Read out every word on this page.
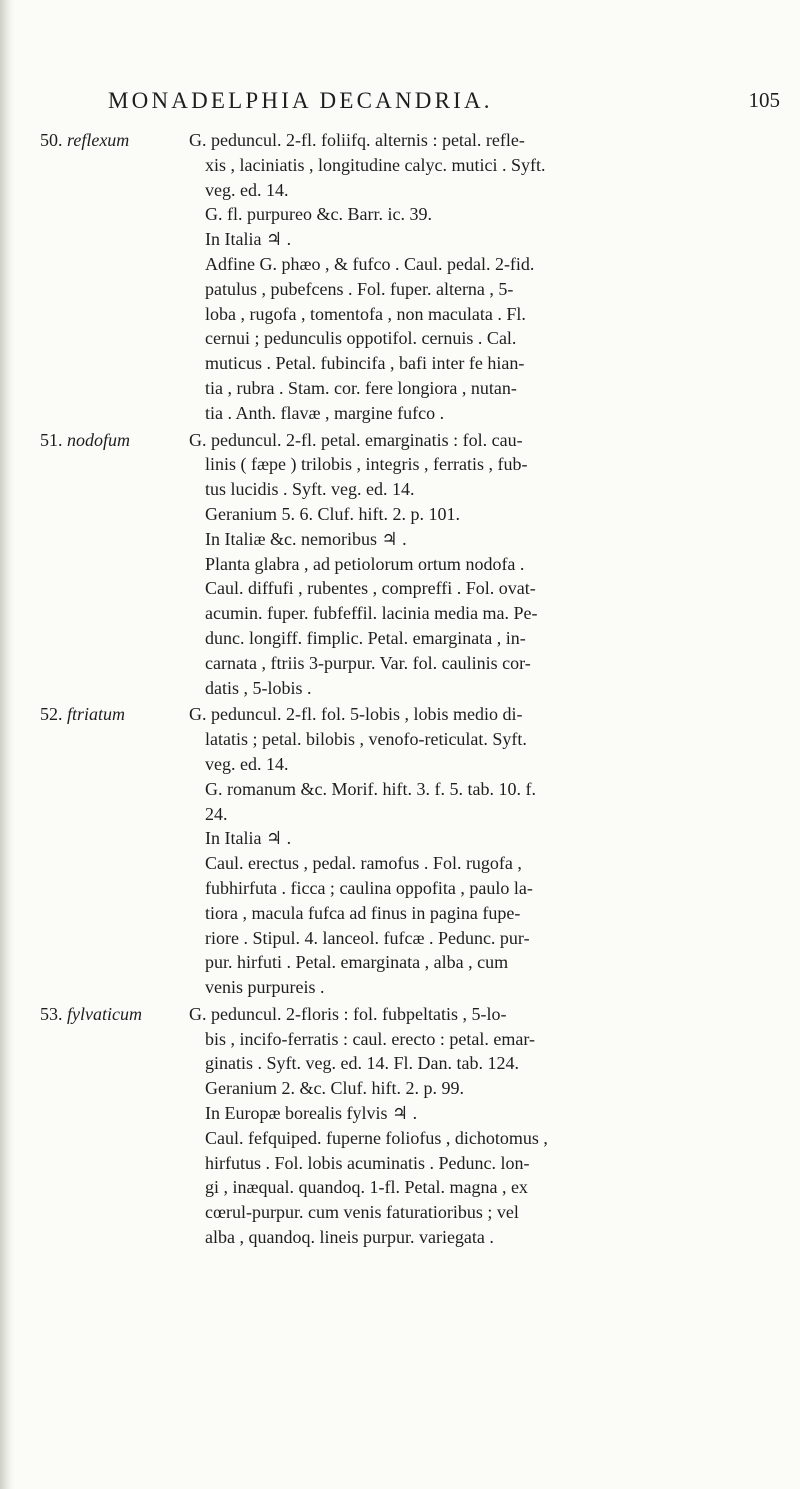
MONADELPHIA DECANDRIA.	105
50. reflexum	G. peduncul. 2-fl. foliifq. alternis : petal. refle-
xis , laciniatis , longitudine calyc. mutici . Syft.
veg. ed. 14.
G. fl. purpureo &c. Barr. ic. 39.
In Italia ♃ .
Adfine G. phæo , & fufco . Caul. pedal. 2-fid.
patulus , pubefcens . Fol. fuper. alterna , 5-
loba , rugofa , tomentofa , non maculata . Fl.
cernui ; pedunculis oppotifol. cernuis . Cal.
muticus . Petal. fubincifa , bafi inter fe hian-
tia , rubra . Stam. cor. fere longiora , nutan-
tia . Anth. flavæ , margine fufco .
51. nodofum	G. peduncul. 2-fl. petal. emarginatis : fol. cau-
linis ( fæpe ) trilobis , integris , ferratis , fub-
tus lucidis . Syft. veg. ed. 14.
Geranium 5. 6. Cluf. hift. 2. p. 101.
In Italiæ &c. nemoribus ♃ .
Planta glabra , ad petiolorum ortum nodofa .
Caul. diffufi , rubentes , compreffi . Fol. ovat-
acumin. fuper. fubfeffil. lacinia media ma. Pe-
dunc. longiff. fimplic. Petal. emarginata , in-
carnata , ftriis 3-purpur. Var. fol. caulinis cor-
datis , 5-lobis .
52. ftriatum	G. peduncul. 2-fl. fol. 5-lobis , lobis medio di-
latatis ; petal. bilobis , venofo-reticulat. Syft.
veg. ed. 14.
G. romanum &c. Morif. hift. 3. f. 5. tab. 10. f.
24.
In Italia ♃ .
Caul. erectus , pedal. ramofus . Fol. rugofa ,
fubhirfuta . ficca ; caulina oppofita , paulo la-
tiora , macula fufca ad finus in pagina fupe-
riore . Stipul. 4. lanceol. fufcæ . Pedunc. pur-
pur. hirfuti . Petal. emarginata , alba , cum
venis purpureis .
53. fylvaticum	G. peduncul. 2-floris : fol. fubpeltatis , 5-lo-
bis , incifo-ferratis : caul. erecto : petal. emar-
ginatis . Syft. veg. ed. 14. Fl. Dan. tab. 124.
Geranium 2. &c. Cluf. hift. 2. p. 99.
In Europæ borealis fylvis ♃ .
Caul. fefquiped. fuperne foliofus , dichotomus ,
hirfutus . Fol. lobis acuminatis . Pedunc. lon-
gi , inæqual. quandoq. 1-fl. Petal. magna , ex
cœrul-purpur. cum venis faturatioribus ; vel
alba , quandoq. lineis purpur. variegata .
